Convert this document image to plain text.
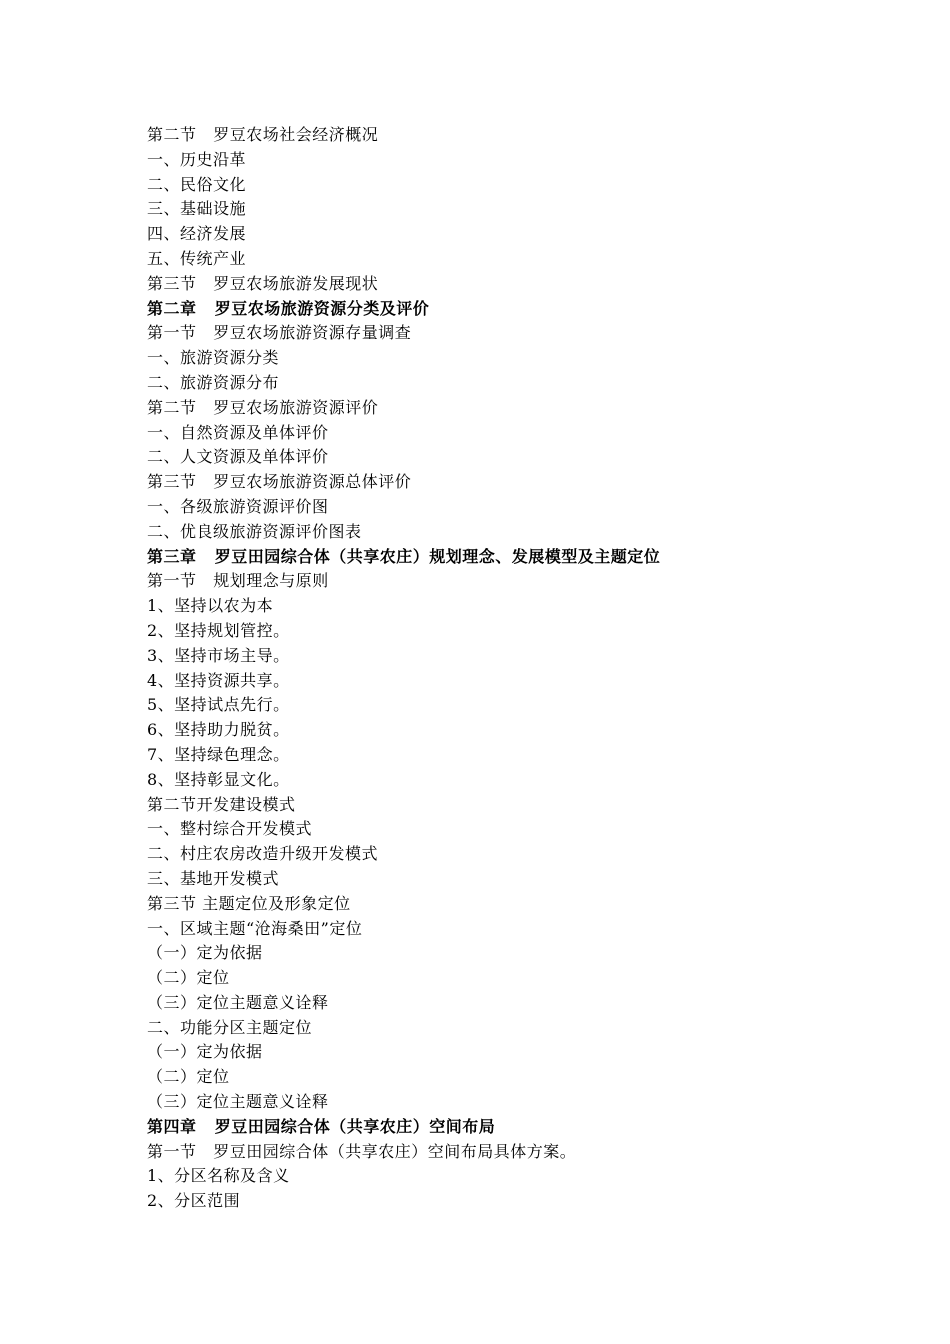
第二节   罗豆农场社会经济概况
一、历史沿革
二、民俗文化
三、基础设施
四、经济发展
五、传统产业
第三节   罗豆农场旅游发展现状
第二章   罗豆农场旅游资源分类及评价
第一节   罗豆农场旅游资源存量调查
一、旅游资源分类
二、旅游资源分布
第二节   罗豆农场旅游资源评价
一、自然资源及单体评价
二、人文资源及单体评价
第三节   罗豆农场旅游资源总体评价
一、各级旅游资源评价图
二、优良级旅游资源评价图表
第三章   罗豆田园综合体（共享农庄）规划理念、发展模型及主题定位
第一节   规划理念与原则
1、坚持以农为本
2、坚持规划管控。
3、坚持市场主导。
4、坚持资源共享。
5、坚持试点先行。
6、坚持助力脱贫。
7、坚持绿色理念。
8、坚持彰显文化。
第二节开发建设模式
一、整村综合开发模式
二、村庄农房改造升级开发模式
三、基地开发模式
第三节 主题定位及形象定位
一、区域主题“沧海桑田”定位
（一）定为依据
（二）定位
（三）定位主题意义诠释
二、功能分区主题定位
（一）定为依据
（二）定位
（三）定位主题意义诠释
第四章   罗豆田园综合体（共享农庄）空间布局
第一节   罗豆田园综合体（共享农庄）空间布局具体方案。
1、分区名称及含义
2、分区范围
